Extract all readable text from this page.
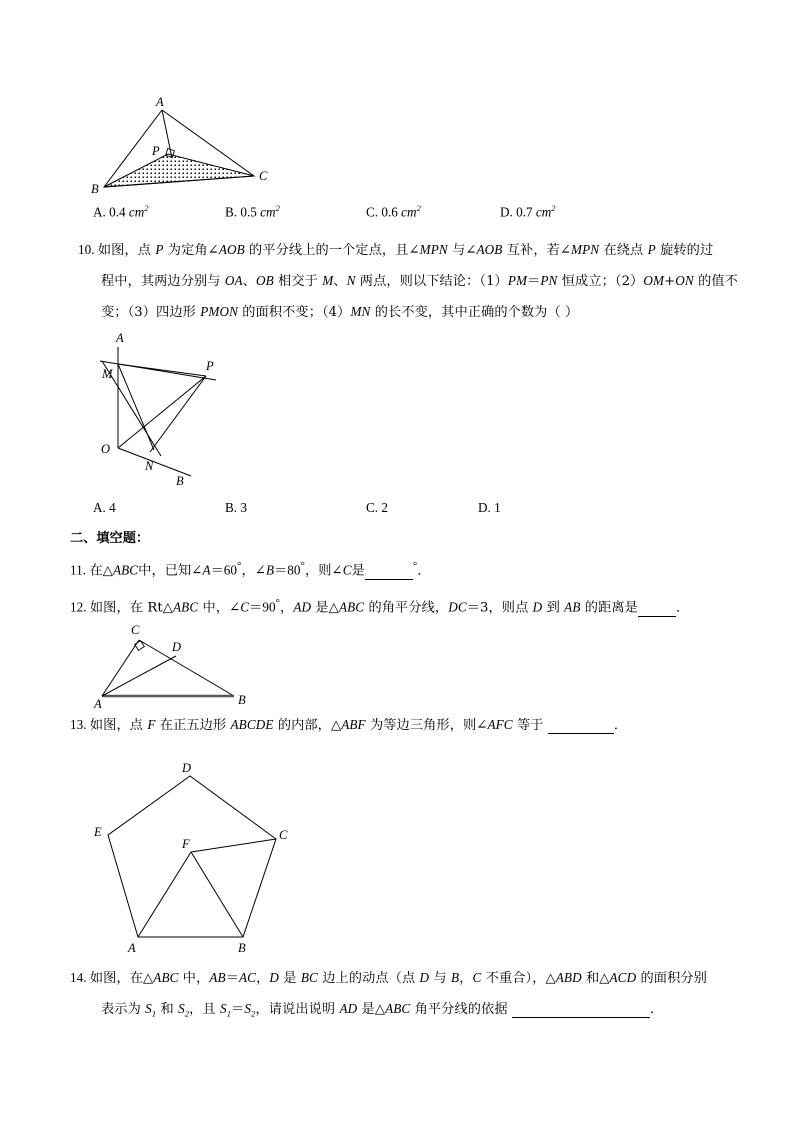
A
B
C
P
A. 0.4 $cm^2$	B. 0.5 $cm^2$	C. 0.6 $cm^2$	D. 0.7 $cm^2$
10. 如图，点 P 为定角∠AOB 的平分线上的一个定点，且∠MPN 与∠AOB 互补，若∠MPN 在绕点 P 旋转的过
程中，其两边分别与 OA、OB 相交于 M、N 两点，则以下结论：（1）PM＝PN 恒成立；（2）OM+ON 的值不
变；（3）四边形 PMON 的面积不变；（4）MN 的长不变，其中正确的个数为（ ）
A
M
P
O
N
B
A. 4	B. 3	C. 2	D. 1
二、填空题：
11. 在△ABC中，已知∠A＝60°，∠B＝80°，则∠C是	°．
12. 如图，在 Rt△ABC 中，∠C＝90°，AD 是△ABC 的角平分线，DC＝3，则点 D 到 AB 的距离是	．
C
D
A	B
13. 如图，点 F 在正五边形 ABCDE 的内部，△ABF 为等边三角形，则∠AFC 等于	．
D
E	C
F
A	B
14. 如图，在△ABC 中，AB＝AC，D 是 BC 边上的动点（点 D 与 B，C 不重合），△ABD 和△ACD 的面积分别
表示为 $S_1$ 和 $S_2$，且 $S_1=S_2$，请说出说明 AD 是△ABC 角平分线的依据	．
